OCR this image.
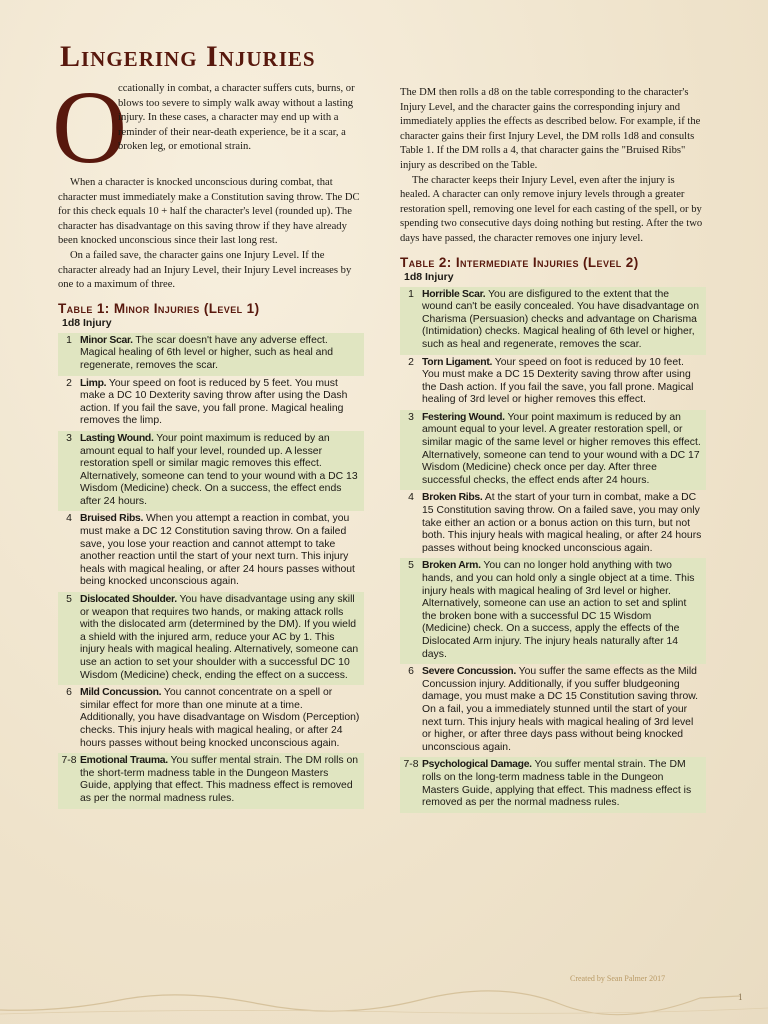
Lingering Injuries
O

ccationally in combat, a character suffers cuts, burns, or blows too severe to simply walk away without a lasting injury. In these cases, a character may end up with a reminder of their near-death experience, be it a scar, a broken leg, or emotional strain.

When a character is knocked unconscious during combat, that character must immediately make a Constitution saving throw. The DC for this check equals 10 + half the character's level (rounded up). The character has disadvantage on this saving throw if they have already been knocked unconscious since their last long rest.

On a failed save, the character gains one Injury Level. If the character already had an Injury Level, their Injury Level increases by one to a maximum of three.

Table 1: Minor Injuries (Level 1)
1d8 Injury
1 Minor Scar. The scar doesn't have any adverse effect. Magical healing of 6th level or higher, such as heal and regenerate, removes the scar.
2 Limp. Your speed on foot is reduced by 5 feet. You must make a DC 10 Dexterity saving throw after using the Dash action. If you fail the save, you fall prone. Magical healing removes the limp.
3 Lasting Wound. Your point maximum is reduced by an amount equal to half your level, rounded up. A lesser restoration spell or similar magic removes this effect. Alternatively, someone can tend to your wound with a DC 13 Wisdom (Medicine) check. On a success, the effect ends after 24 hours.
4 Bruised Ribs. When you attempt a reaction in combat, you must make a DC 12 Constitution saving throw. On a failed save, you lose your reaction and cannot attempt to take another reaction until the start of your next turn. This injury heals with magical healing, or after 24 hours passes without being knocked unconscious again.
5 Dislocated Shoulder. You have disadvantage using any skill or weapon that requires two hands, or making attack rolls with the dislocated arm (determined by the DM). If you wield a shield with the injured arm, reduce your AC by 1. This injury heals with magical healing. Alternatively, someone can use an action to set your shoulder with a successful DC 10 Wisdom (Medicine) check, ending the effect on a success.
6 Mild Concussion. You cannot concentrate on a spell or similar effect for more than one minute at a time. Additionally, you have disadvantage on Wisdom (Perception) checks. This injury heals with magical healing, or after 24 hours passes without being knocked unconscious again.
7-8 Emotional Trauma. You suffer mental strain. The DM rolls on the short-term madness table in the Dungeon Masters Guide, applying that effect. This madness effect is removed as per the normal madness rules.

The DM then rolls a d8 on the table corresponding to the character's Injury Level, and the character gains the corresponding injury and immediately applies the effects as described below. For example, if the character gains their first Injury Level, the DM rolls 1d8 and consults Table 1. If the DM rolls a 4, that character gains the "Bruised Ribs" injury as described on the Table.

The character keeps their Injury Level, even after the injury is healed. A character can only remove injury levels through a greater restoration spell, removing one level for each casting of the spell, or by spending two consecutive days doing nothing but resting. After the two days have passed, the character removes one injury level.

Table 2: Intermediate Injuries (Level 2)
1d8 Injury
1 Horrible Scar. You are disfigured to the extent that the wound can't be easily concealed. You have disadvantage on Charisma (Persuasion) checks and advantage on Charisma (Intimidation) checks. Magical healing of 6th level or higher, such as heal and regenerate, removes the scar.
2 Torn Ligament. Your speed on foot is reduced by 10 feet. You must make a DC 15 Dexterity saving throw after using the Dash action. If you fail the save, you fall prone. Magical healing of 3rd level or higher removes this effect.
3 Festering Wound. Your point maximum is reduced by an amount equal to your level. A greater restoration spell, or similar magic of the same level or higher removes this effect. Alternatively, someone can tend to your wound with a DC 17 Wisdom (Medicine) check once per day. After three successful checks, the effect ends after 24 hours.
4 Broken Ribs. At the start of your turn in combat, make a DC 15 Constitution saving throw. On a failed save, you may only take either an action or a bonus action on this turn, but not both. This injury heals with magical healing, or after 24 hours passes without being knocked unconscious again.
5 Broken Arm. You can no longer hold anything with two hands, and you can hold only a single object at a time. This injury heals with magical healing of 3rd level or higher. Alternatively, someone can use an action to set and splint the broken bone with a successful DC 15 Wisdom (Medicine) check. On a success, apply the effects of the Dislocated Arm injury. The injury heals naturally after 14 days.
6 Severe Concussion. You suffer the same effects as the Mild Concussion injury. Additionally, if you suffer bludgeoning damage, you must make a DC 15 Constitution saving throw. On a fail, you a immediately stunned until the start of your next turn. This injury heals with magical healing of 3rd level or higher, or after three days pass without being knocked unconscious again.
7-8 Psychological Damage. You suffer mental strain. The DM rolls on the long-term madness table in the Dungeon Masters Guide, applying that effect. This madness effect is removed as per the normal madness rules.
Created by Sean Palmer 2017
1
